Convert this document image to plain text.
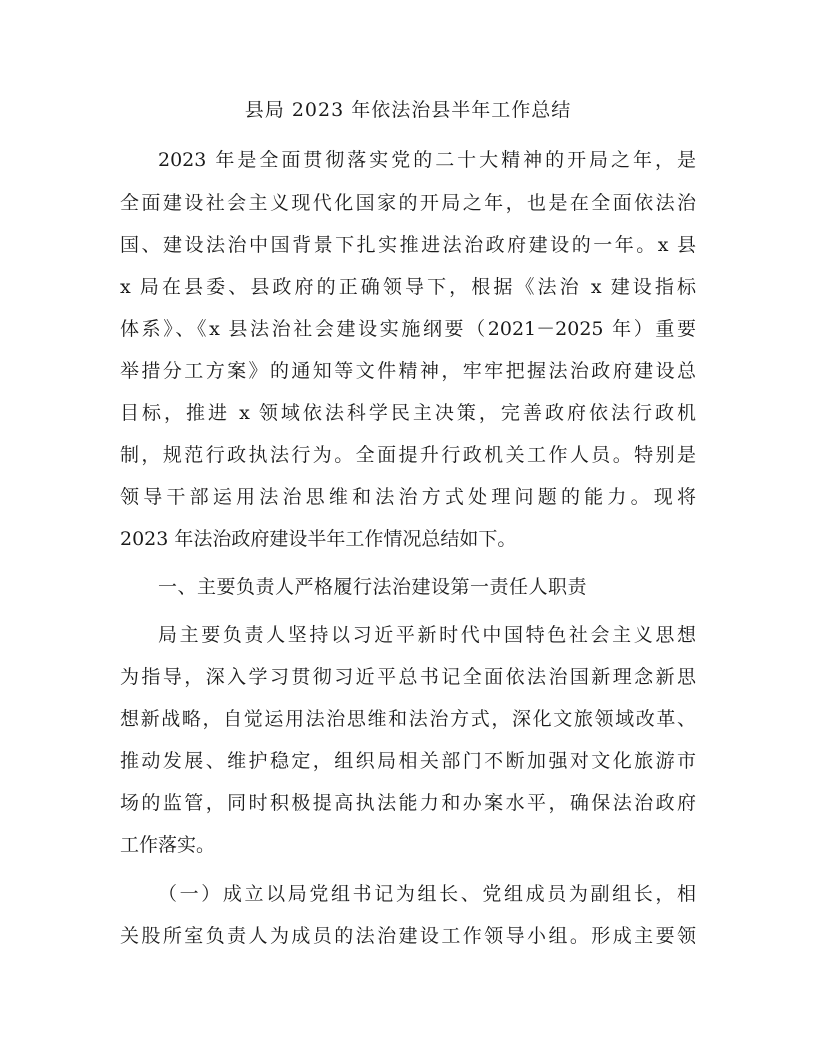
县局 2023 年依法治县半年工作总结
2023 年是全面贯彻落实党的二十大精神的开局之年，是
全面建设社会主义现代化国家的开局之年，也是在全面依法治
国、建设法治中国背景下扎实推进法治政府建设的一年。x 县
x 局在县委、县政府的正确领导下，根据《法治 x 建设指标
体系》、《x 县法治社会建设实施纲要（2021－2025 年）重要
举措分工方案》的通知等文件精神，牢牢把握法治政府建设总
目标，推进 x 领域依法科学民主决策，完善政府依法行政机
制，规范行政执法行为。全面提升行政机关工作人员。特别是
领导干部运用法治思维和法治方式处理问题的能力。现将
2023 年法治政府建设半年工作情况总结如下。
一、主要负责人严格履行法治建设第一责任人职责
局主要负责人坚持以习近平新时代中国特色社会主义思想
为指导，深入学习贯彻习近平总书记全面依法治国新理念新思
想新战略，自觉运用法治思维和法治方式，深化文旅领域改革、
推动发展、维护稳定，组织局相关部门不断加强对文化旅游市
场的监管，同时积极提高执法能力和办案水平，确保法治政府
工作落实。
（一）成立以局党组书记为组长、党组成员为副组长，相
关股所室负责人为成员的法治建设工作领导小组。形成主要领
